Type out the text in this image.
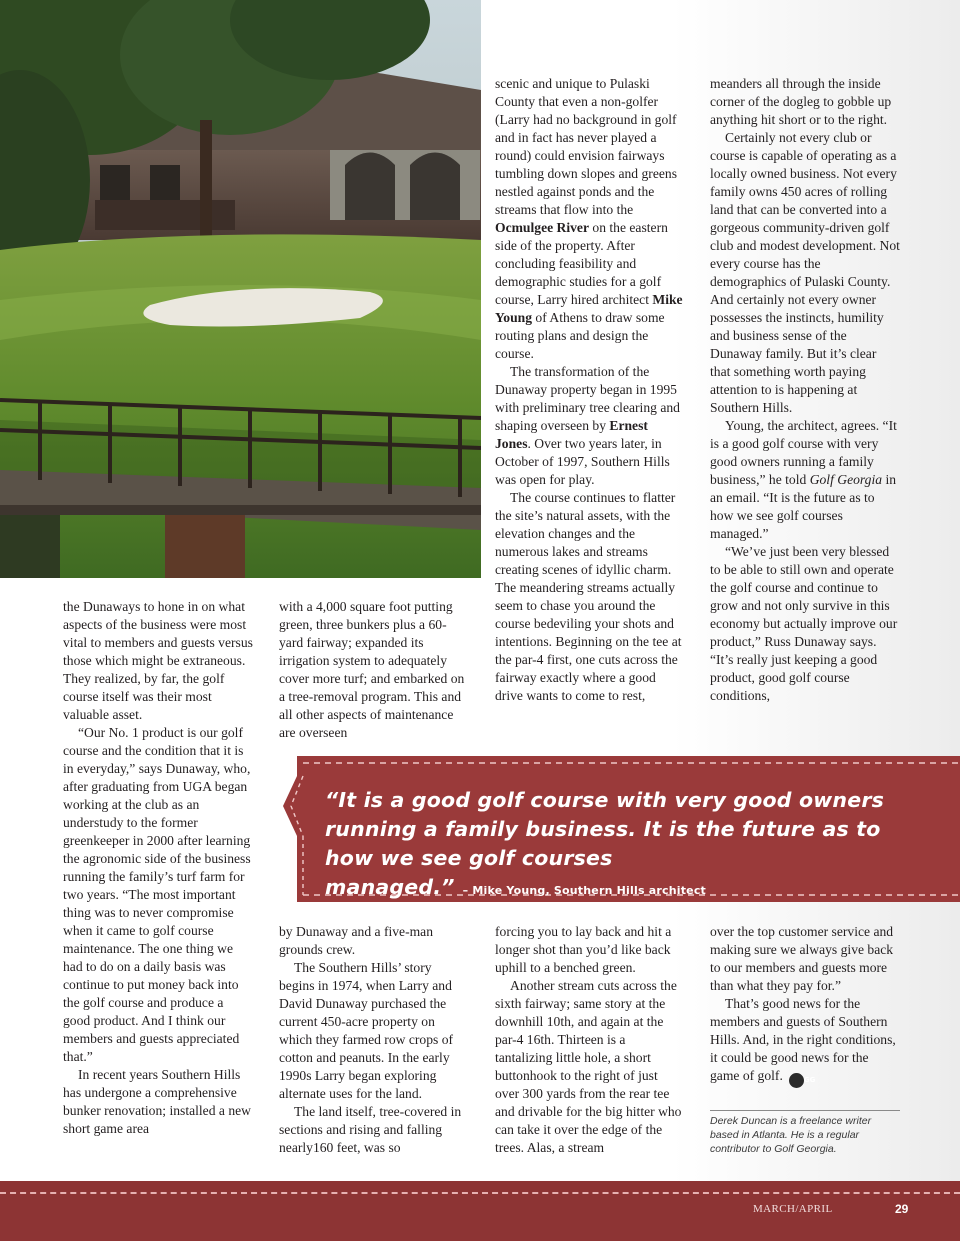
the Dunaways to hone in on what aspects of the business were most vital to members and guests versus those which might be extraneous. They realized, by far, the golf course itself was their most valuable asset.

“Our No. 1 product is our golf course and the condition that it is in everyday,” says Dunaway, who, after graduating from UGA began working at the club as an understudy to the former greenkeeper in 2000 after learning the agronomic side of the business running the family’s turf farm for two years. “The most important thing was to never compromise when it came to golf course maintenance. The one thing we had to do on a daily basis was continue to put money back into the golf course and produce a good product. And I think our members and guests appreciated that.”

In recent years Southern Hills has undergone a comprehensive bunker renovation; installed a new short game area

with a 4,000 square foot putting green, three bunkers plus a 60-yard fairway; expanded its irrigation system to adequately cover more turf; and embarked on a tree-removal program. This and all other aspects of maintenance are overseen

by Dunaway and a five-man grounds crew.

The Southern Hills’ story begins in 1974, when Larry and David Dunaway purchased the current 450-acre property on which they farmed row crops of cotton and peanuts. In the early 1990s Larry began exploring alternate uses for the land.

The land itself, tree-covered in sections and rising and falling nearly160 feet, was so

scenic and unique to Pulaski County that even a non-golfer (Larry had no background in golf and in fact has never played a round) could envision fairways tumbling down slopes and greens nestled against ponds and the streams that flow into the Ocmulgee River on the eastern side of the property. After concluding feasibility and demographic studies for a golf course, Larry hired architect Mike Young of Athens to draw some routing plans and design the course.

The transformation of the Dunaway property began in 1995 with preliminary tree clearing and shaping overseen by Ernest Jones. Over two years later, in October of 1997, Southern Hills was open for play.

The course continues to flatter the site’s natural assets, with the elevation changes and the numerous lakes and streams creating scenes of idyllic charm. The meandering streams actually seem to chase you around the course bedeviling your shots and intentions. Beginning on the tee at the par-4 first, one cuts across the fairway exactly where a good drive wants to come to rest,

forcing you to lay back and hit a longer shot than you’d like back uphill to a benched green.

Another stream cuts across the sixth fairway; same story at the downhill 10th, and again at the par-4 16th. Thirteen is a tantalizing little hole, a short buttonhook to the right of just over 300 yards from the rear tee and drivable for the big hitter who can take it over the edge of the trees. Alas, a stream

meanders all through the inside corner of the dogleg to gobble up anything hit short or to the right.

Certainly not every club or course is capable of operating as a locally owned business. Not every family owns 450 acres of rolling land that can be converted into a gorgeous community-driven golf club and modest development. Not every course has the demographics of Pulaski County. And certainly not every owner possesses the instincts, humility and business sense of the Dunaway family. But it’s clear that something worth paying attention to is happening at Southern Hills.

Young, the architect, agrees. “It is a good golf course with very good owners running a family business,” he told Golf Georgia in an email. “It is the future as to how we see golf courses managed.”

“We’ve just been very blessed to be able to still own and operate the golf course and continue to grow and not only survive in this economy but actually improve our product,” Russ Dunaway says. “It’s really just keeping a good product, good golf course conditions,

over the top customer service and making sure we always give back to our members and guests more than what they pay for.”

That’s good news for the members and guests of Southern Hills. And, in the right conditions, it could be good news for the game of golf.	GG

“It is a good golf course with very good owners running a family business. It is the future as to how we see golf courses managed.” – Mike Young, Southern Hills architect
Derek Duncan is a freelance writer based in Atlanta. He is a regular contributor to Golf Georgia.
MARCH/APRIL	29
